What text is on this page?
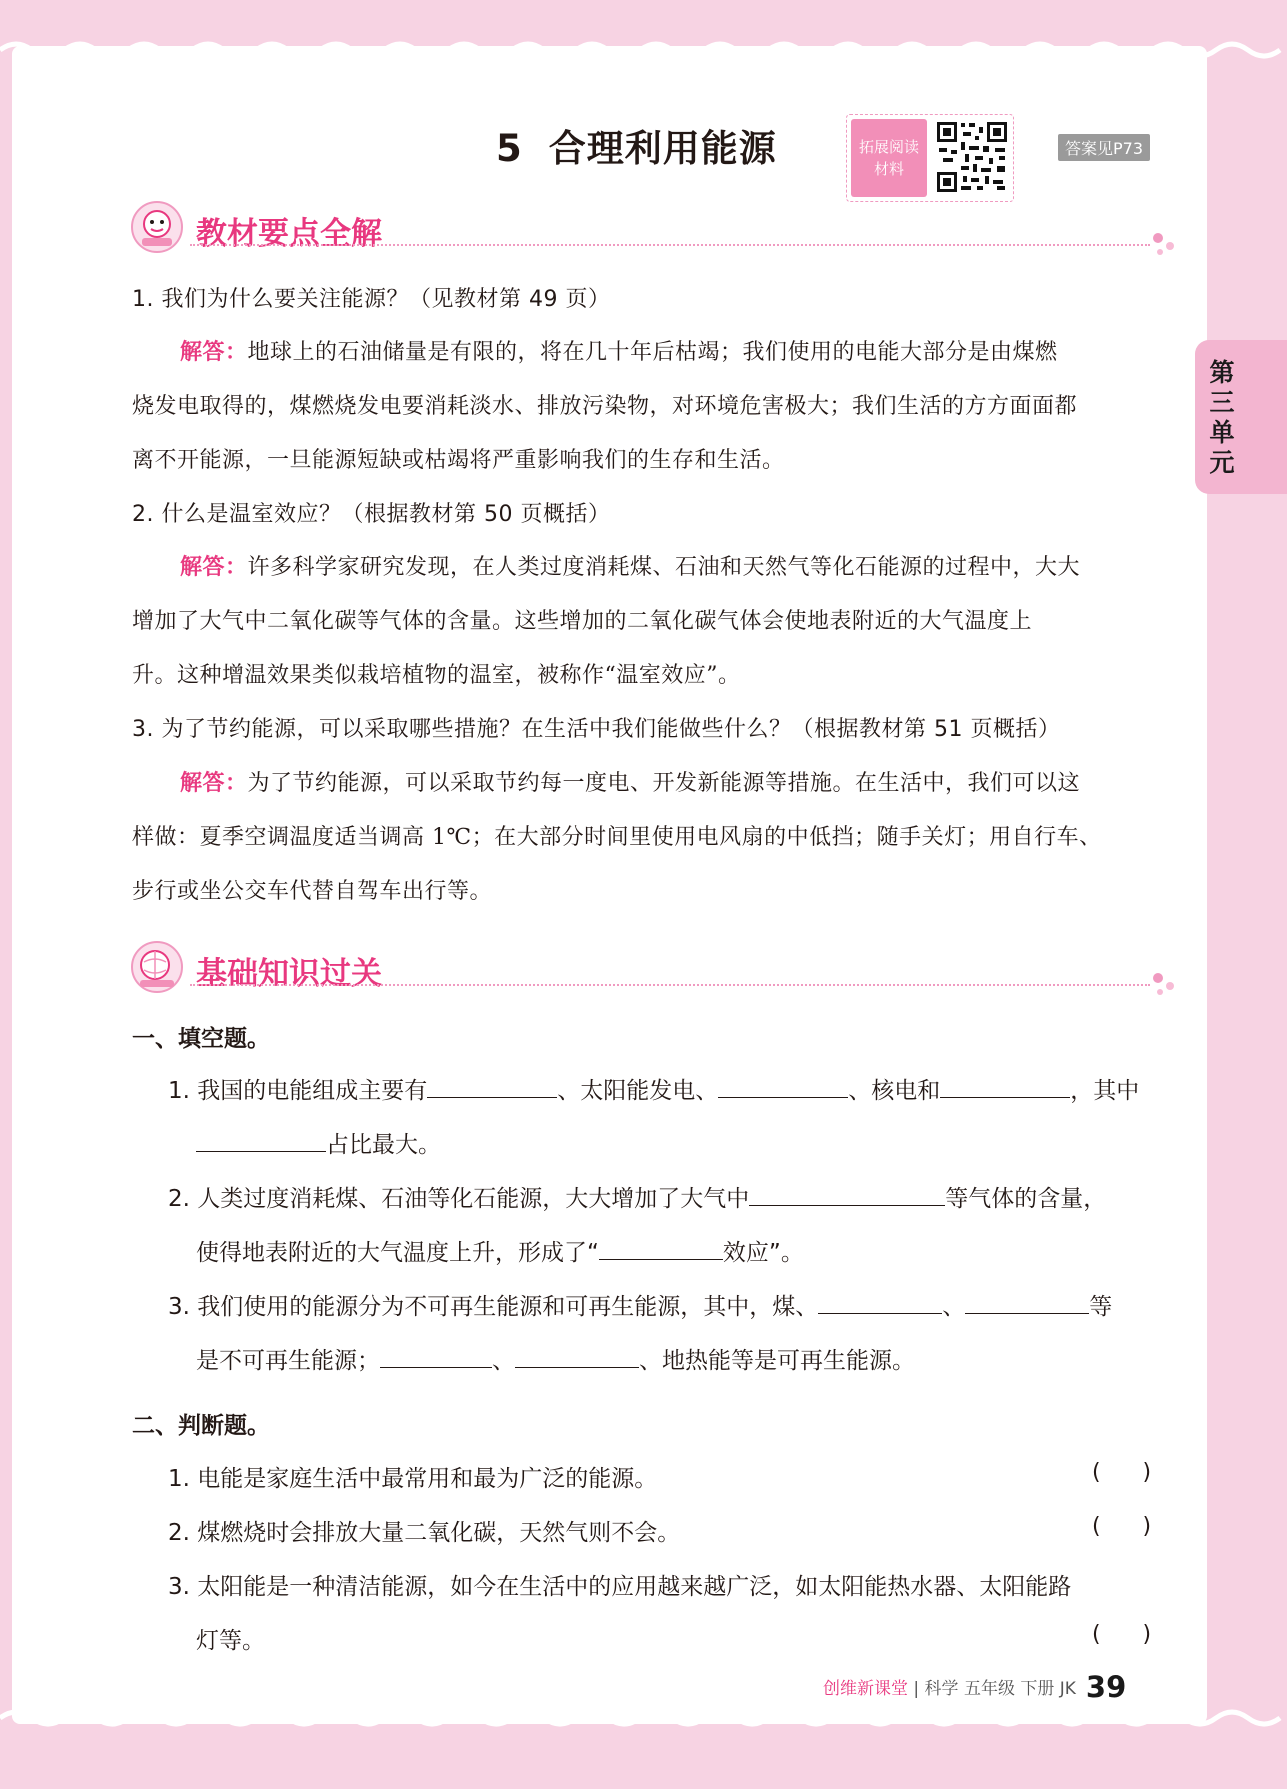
第三单元
5 合理利用能源	拓展阅读
材料
答案见P73
教材要点全解
1. 我们为什么要关注能源？（见教材第 49 页）
解答：地球上的石油储量是有限的，将在几十年后枯竭；我们使用的电能大部分是由煤燃
烧发电取得的，煤燃烧发电要消耗淡水、排放污染物，对环境危害极大；我们生活的方方面面都
离不开能源，一旦能源短缺或枯竭将严重影响我们的生存和生活。
2. 什么是温室效应？（根据教材第 50 页概括）
解答：许多科学家研究发现，在人类过度消耗煤、石油和天然气等化石能源的过程中，大大
增加了大气中二氧化碳等气体的含量。这些增加的二氧化碳气体会使地表附近的大气温度上
升。这种增温效果类似栽培植物的温室，被称作“温室效应”。
3. 为了节约能源，可以采取哪些措施？在生活中我们能做些什么？（根据教材第 51 页概括）
解答：为了节约能源，可以采取节约每一度电、开发新能源等措施。在生活中，我们可以这
样做：夏季空调温度适当调高 1℃；在大部分时间里使用电风扇的中低挡；随手关灯；用自行车、
步行或坐公交车代替自驾车出行等。
基础知识过关
一、填空题。
1. 我国的电能组成主要有	、太阳能发电、	、核电和	，其中
占比最大。
2. 人类过度消耗煤、石油等化石能源，大大增加了大气中	等气体的含量，
使得地表附近的大气温度上升，形成了“	效应”。
3. 我们使用的能源分为不可再生能源和可再生能源，其中，煤、	、	等
是不可再生能源；	、	、地热能等是可再生能源。
二、判断题。
1. 电能是家庭生活中最常用和最为广泛的能源。	(      )
2. 煤燃烧时会排放大量二氧化碳，天然气则不会。	(      )
3. 太阳能是一种清洁能源，如今在生活中的应用越来越广泛，如太阳能热水器、太阳能路
灯等。	(      )
创维新课堂 | 科学 五年级 下册 JK 39
